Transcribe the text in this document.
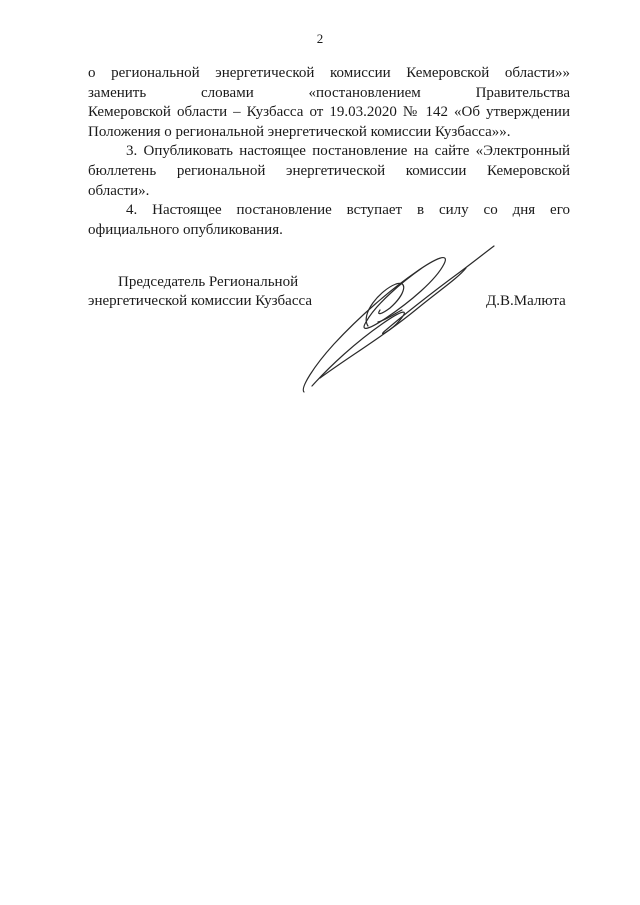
2
о региональной энергетической комиссии Кемеровской области»»
заменить словами «постановлением Правительства
Кемеровской области – Кузбасса от 19.03.2020 № 142 «Об утверждении
Положения о региональной энергетической комиссии Кузбасса»».
3. Опубликовать настоящее постановление на сайте «Электронный
бюллетень региональной энергетической комиссии Кемеровской
области».
4. Настоящее постановление вступает в силу со дня его
официального опубликования.
Председатель Региональной
энергетической комиссии Кузбасса	Д.В.Малюта
